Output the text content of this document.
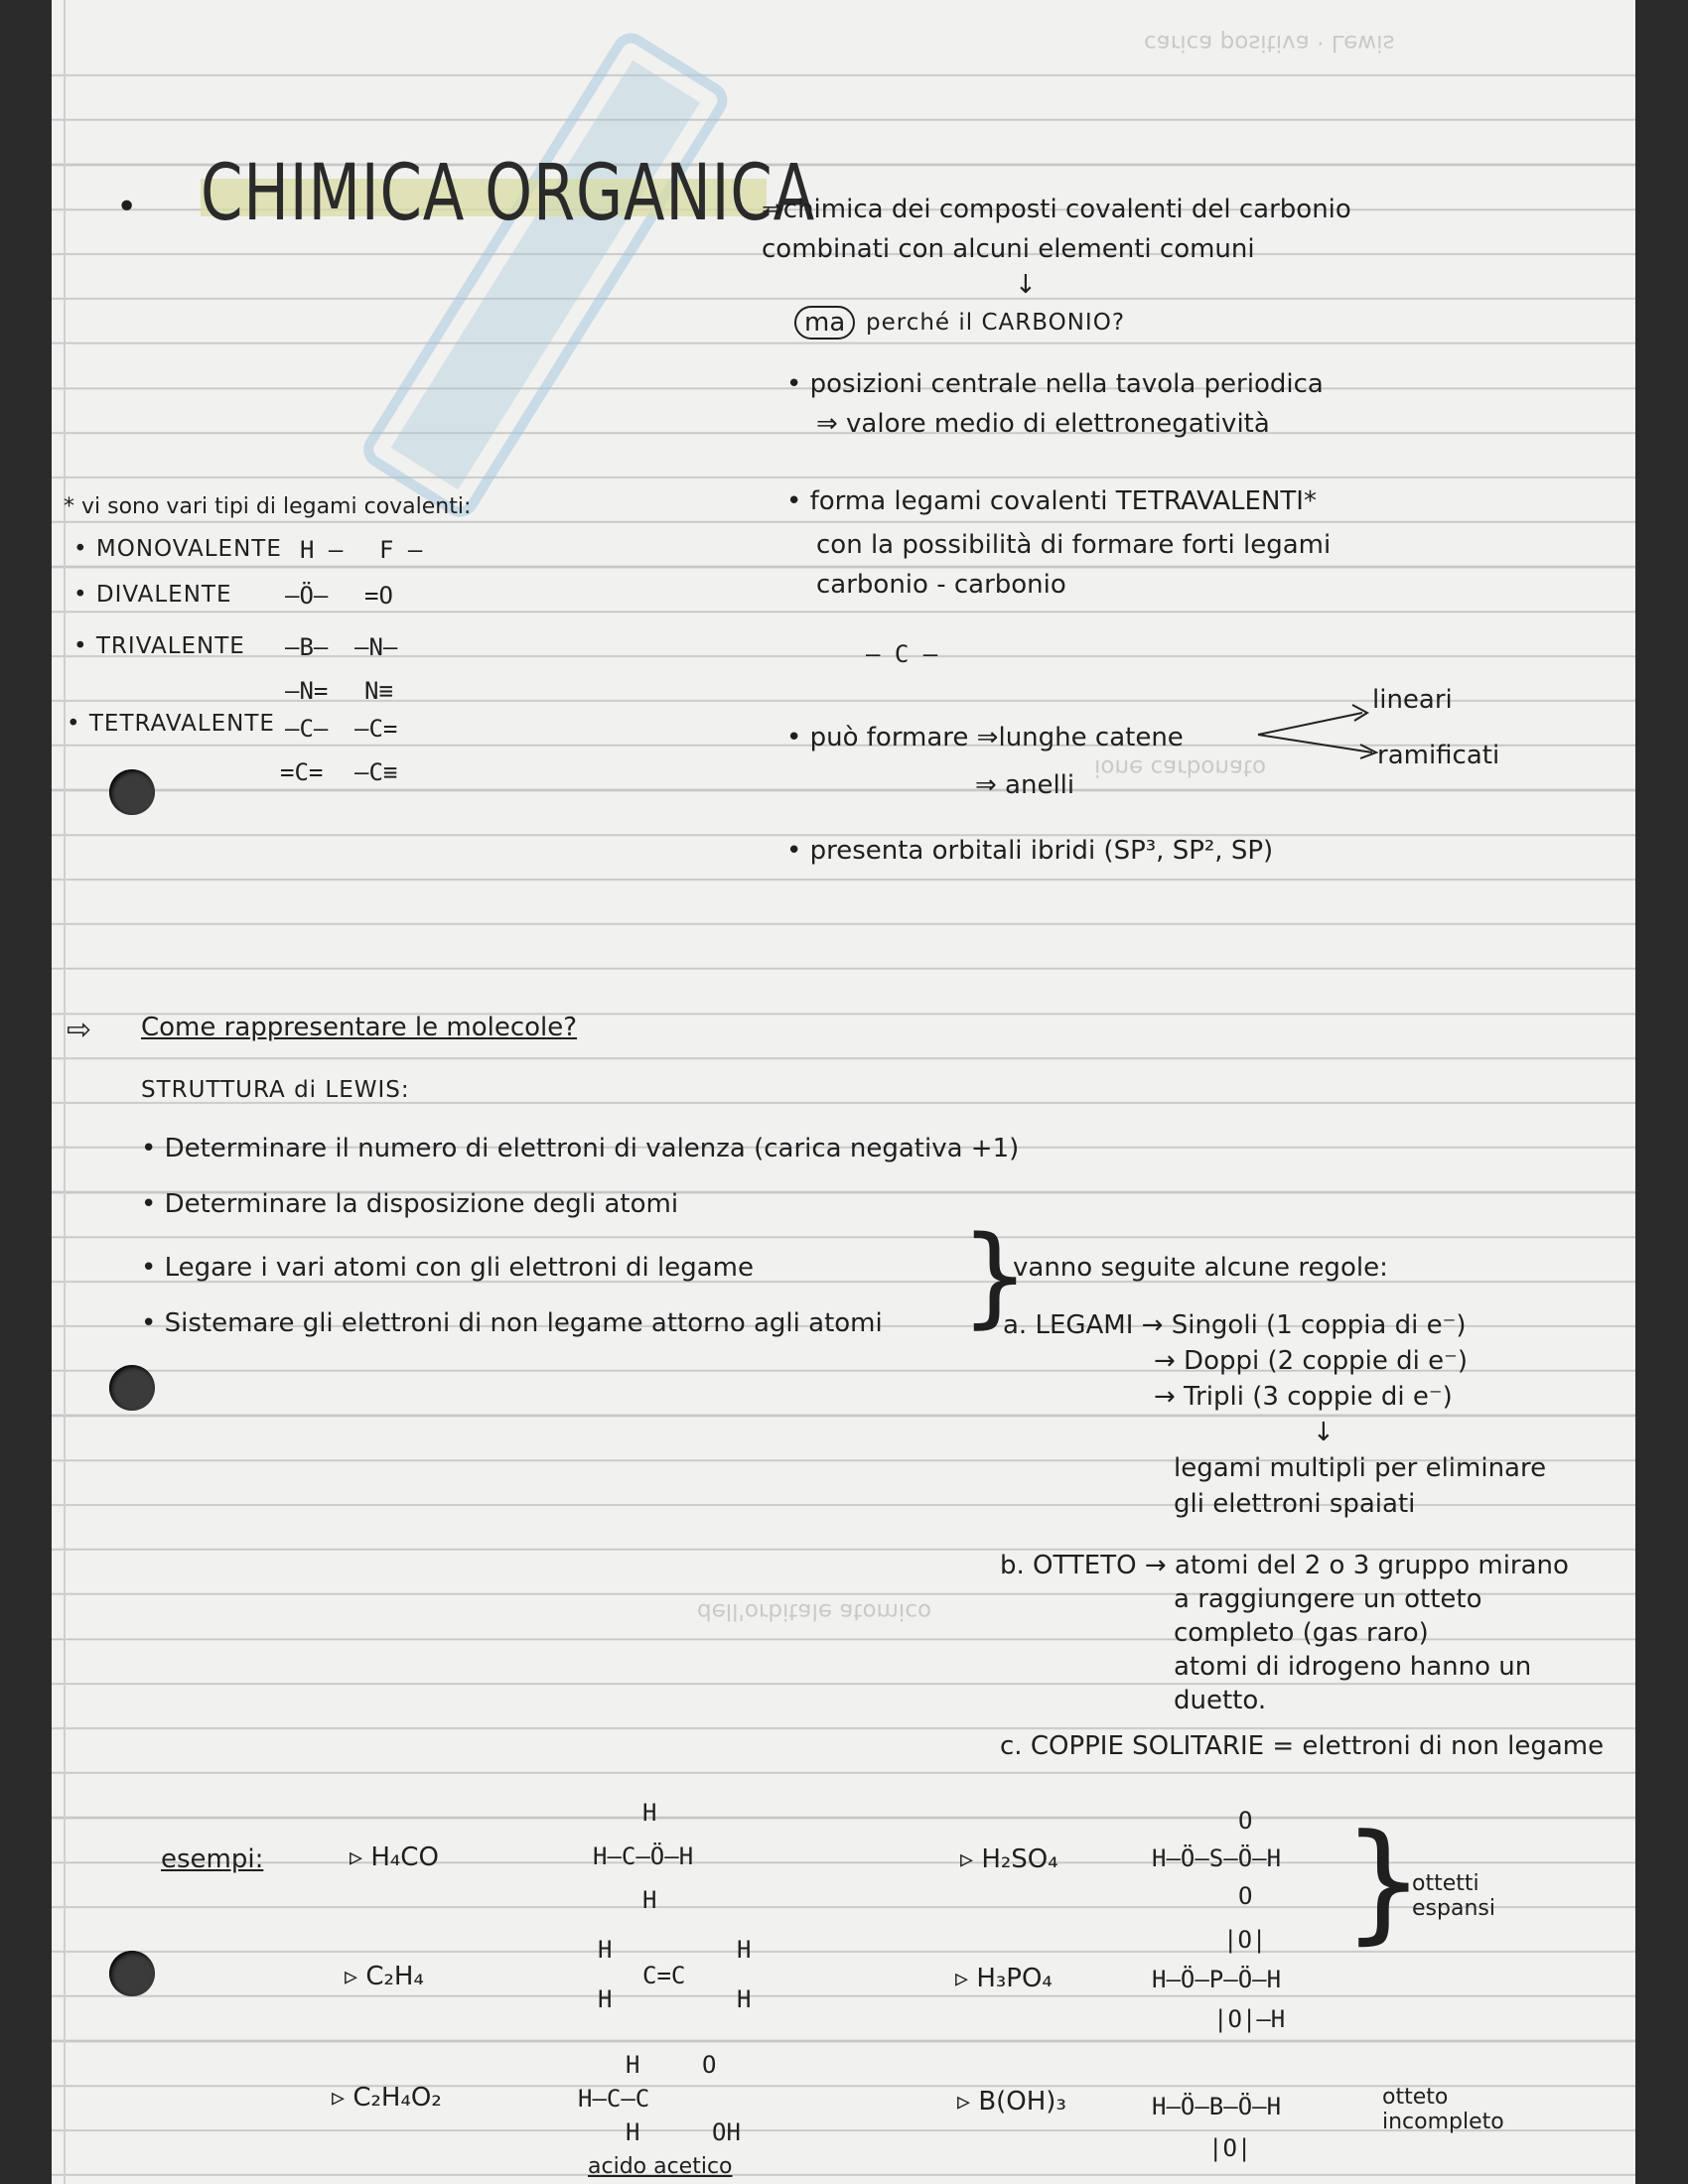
carica positiva · Lewis
ione carbonato
dell'orbitale atomico
CHIMICA ORGANICA
•	⇒chimica dei composti covalenti del carbonio
combinati con alcuni elementi comuni
↓
ma perché il CARBONIO?
• posizioni centrale nella tavola periodica
⇒ valore medio di elettronegatività
• forma legami covalenti TETRAVALENTI*
con la possibilità di formare forti legami
carbonio - carbonio
– C –
• può formare ⇒lunghe catene
⇒ anelli
lineari
ramificati
• presenta orbitali ibridi (SP³, SP², SP)
* vi sono vari tipi di legami covalenti:
• MONOVALENTE H – F –
• DIVALENTE –Ö– =O
• TRIVALENTE –B– –N–
–N= N≡
• TETRAVALENTE –C– –C=
=C= –C≡
⇨ Come rappresentare le molecole?
STRUTTURA di LEWIS:
• Determinare il numero di elettroni di valenza (carica negativa +1)
• Determinare la disposizione degli atomi
• Legare i vari atomi con gli elettroni di legame
• Sistemare gli elettroni di non legame attorno agli atomi }
vanno seguite alcune regole:
a. LEGAMI → Singoli (1 coppia di e⁻)
→ Doppi (2 coppie di e⁻)
→ Tripli (3 coppie di e⁻)
↓
legami multipli per eliminare
gli elettroni spaiati
b. OTTETO → atomi del 2 o 3 gruppo mirano
a raggiungere un otteto
completo (gas raro)
atomi di idrogeno hanno un
duetto.
c. COPPIE SOLITARIE = elettroni di non legame
esempi:	▹ H₄CO
▹ C₂H₄
▹ C₂H₄O₂
H
H–C–Ö–H
H
H
H
C=C
H
H
H	O
H–C–C
OH
H
acido acetico
▹ H₂SO₄
▹ H₃PO₄
▹ B(OH)₃
O
H–Ö–S–Ö–H
O
|O|
H–Ö–P–Ö–H
|O|–H
H–Ö–B–Ö–H
|O|
}
ottetti espansi
otteto incompleto
